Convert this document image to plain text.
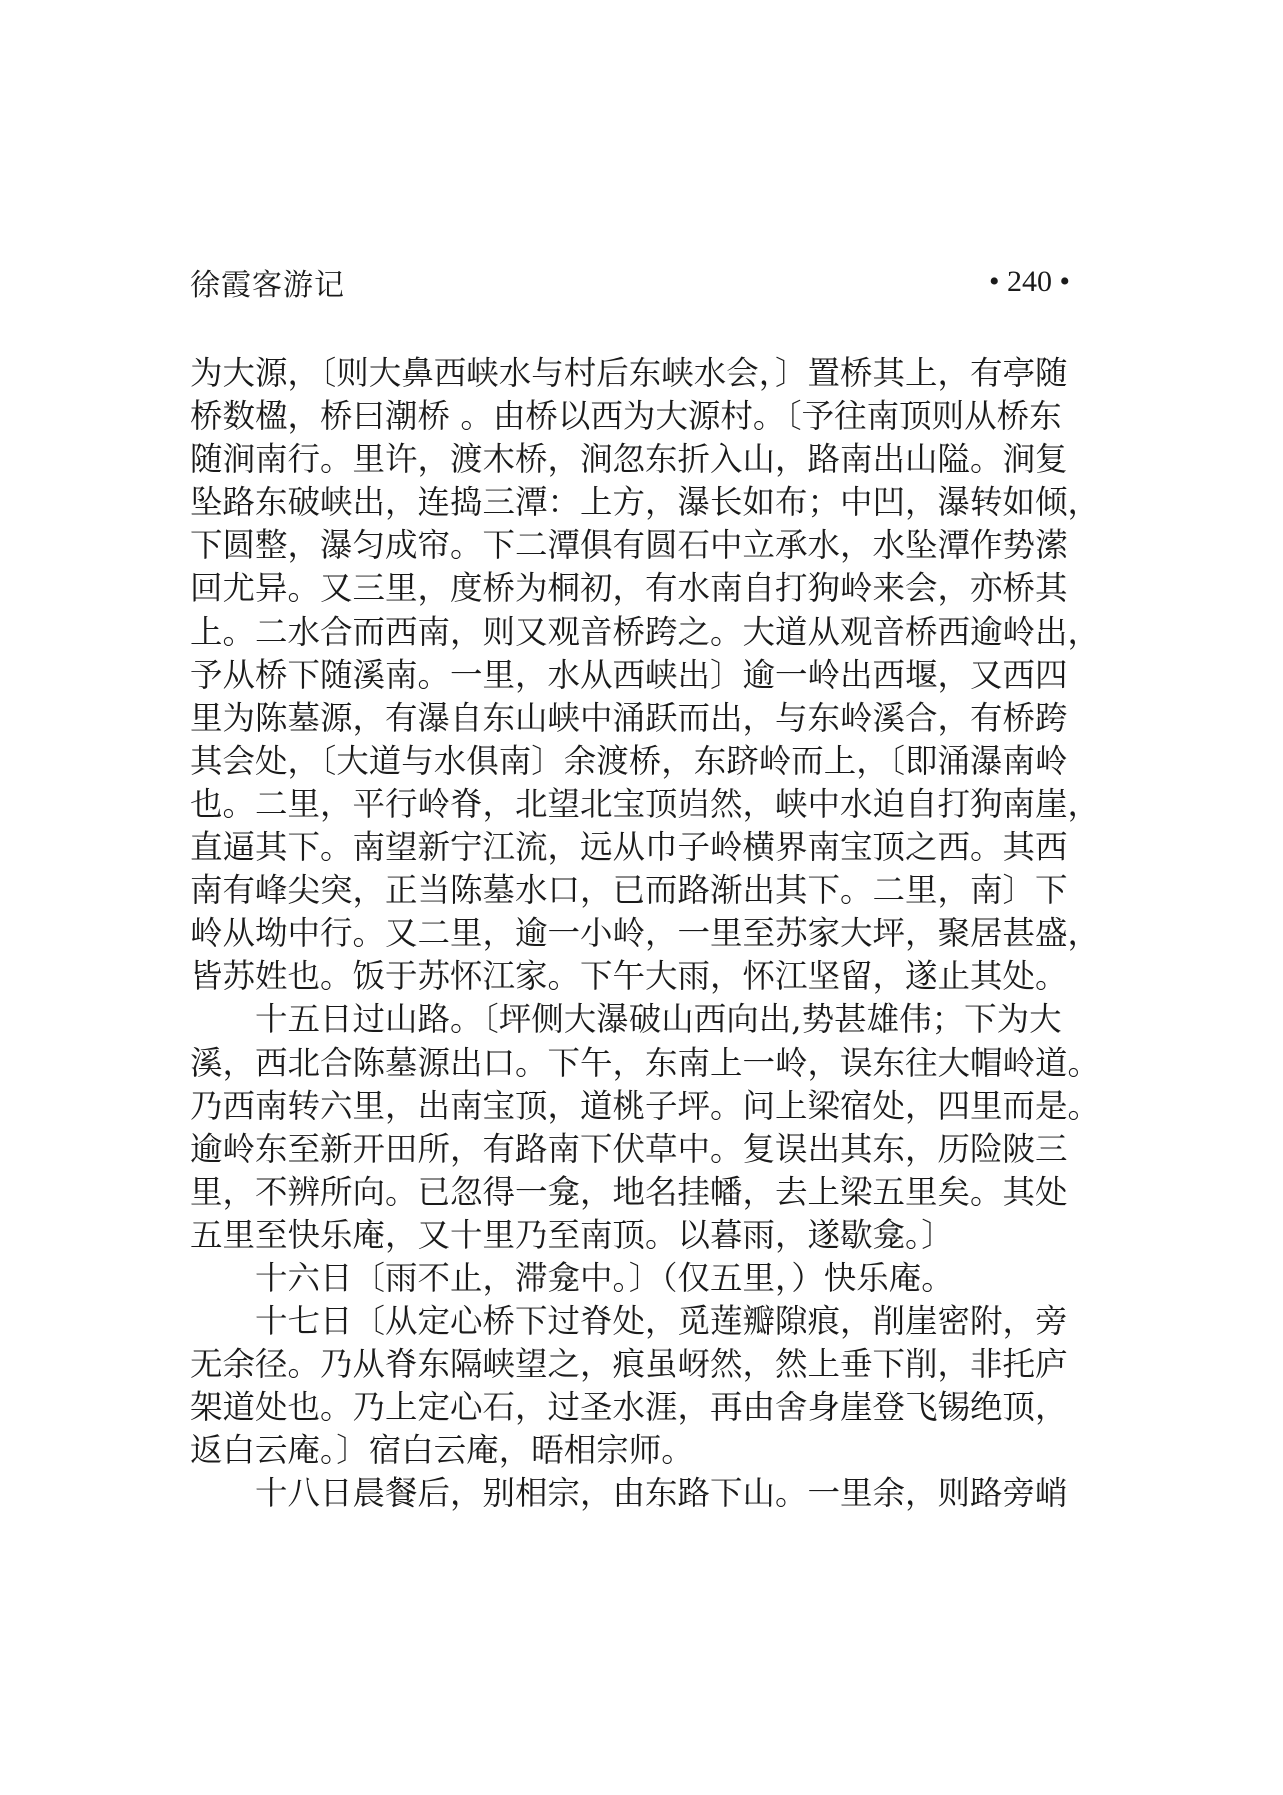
徐霞客游记	• 240 •
为大源，〔则大鼻西峡水与村后东峡水会，〕置桥其上，有亭随
桥数楹，桥曰潮桥 。由桥以西为大源村。〔予往南顶则从桥东
随涧南行。里许，渡木桥，涧忽东折入山，路南出山隘。涧复
坠路东破峡出，连捣三潭：上方，瀑长如布；中凹，瀑转如倾，
下圆整，瀑匀成帘。下二潭俱有圆石中立承水，水坠潭作势潆
回尤异。又三里，度桥为桐初，有水南自打狗岭来会，亦桥其
上。二水合而西南，则又观音桥跨之。大道从观音桥西逾岭出，
予从桥下随溪南。一里，水从西峡出〕逾一岭出西堰，又西四
里为陈墓源，有瀑自东山峡中涌跃而出，与东岭溪合，有桥跨
其会处，〔大道与水俱南〕余渡桥，东跻岭而上，〔即涌瀑南岭
也。二里，平行岭脊，北望北宝顶岿然，峡中水迫自打狗南崖，
直逼其下。南望新宁江流，远从巾子岭横界南宝顶之西。其西
南有峰尖突，正当陈墓水口，已而路渐出其下。二里，南〕下
岭从坳中行。又二里，逾一小岭，一里至苏家大坪，聚居甚盛，
皆苏姓也。饭于苏怀江家。下午大雨，怀江坚留，遂止其处。
　　十五日过山路。〔坪侧大瀑破山西向出,势甚雄伟；下为大
溪，西北合陈墓源出口。下午，东南上一岭，误东往大帽岭道。
乃西南转六里，出南宝顶，道桃子坪。问上梁宿处，四里而是。
逾岭东至新开田所，有路南下伏草中。复误出其东，历险陂三
里，不辨所向。已忽得一龛，地名挂幡，去上梁五里矣。其处
五里至快乐庵，又十里乃至南顶。以暮雨，遂歇龛。〕
　　十六日〔雨不止，滞龛中。〕（仅五里，）快乐庵。
　　十七日〔从定心桥下过脊处，觅莲瓣隙痕，削崖密附，旁
无余径。乃从脊东隔峡望之，痕虽岈然，然上垂下削，非托庐
架道处也。乃上定心石，过圣水涯，再由舍身崖登飞锡绝顶，
返白云庵。〕宿白云庵，晤相宗师。
　　十八日晨餐后，别相宗，由东路下山。一里余，则路旁峭
